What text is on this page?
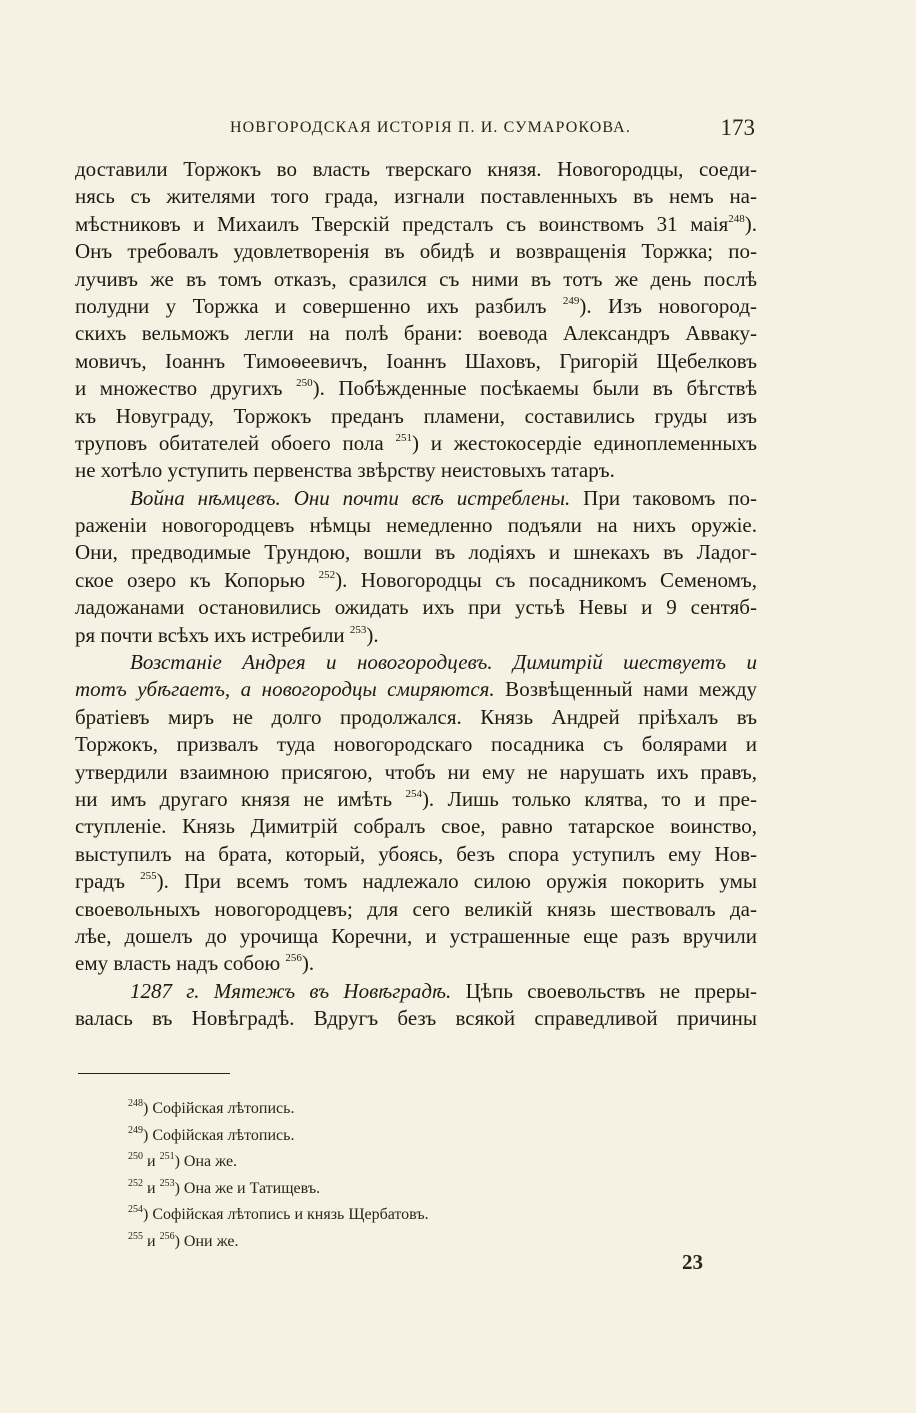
НОВГОРОДСКАЯ ИСТОРІЯ П. И. СУМАРОКОВА.	173
доставили Торжокъ во власть тверскаго князя. Новогородцы, соеди-
нясь съ жителями того града, изгнали поставленныхъ въ немъ на-
мѣстниковъ и Михаилъ Тверскій предсталъ съ воинствомъ 31 маія$^{248}$).
Онъ требовалъ удовлетворенія въ обидѣ и возвращенія Торжка; по-
лучивъ же въ томъ отказъ, сразился съ ними въ тотъ же день послѣ
полудни у Торжка и совершенно ихъ разбилъ $^{249}$). Изъ новогород-
скихъ вельможъ легли на полѣ брани: воевода Александръ Аввaку-
мовичъ, Іоаннъ Тимоѳеевичъ, Іоаннъ Шаховъ, Григорій Щебелковъ
и множество другихъ $^{250}$). Побѣжденные посѣкаемы были въ бѣгствѣ
къ Новуграду, Торжокъ преданъ пламени, составились груды изъ
труповъ обитателей обоего пола $^{251}$) и жестокосердіе единоплеменныхъ
не хотѣло уступить первенства звѣрству неистовыхъ татаръ.
Война нѣмцевъ. Они почти всѣ истреблены. При таковомъ по-
раженіи новогородцевъ нѣмцы немедленно подъяли на нихъ оружіе.
Они, предводимые Трундою, вошли въ лодіяхъ и шнекахъ въ Ладог-
ское озеро къ Копорью $^{252}$). Новогородцы съ посадникомъ Семеномъ,
ладожанами остановились ожидать ихъ при устьѣ Невы и 9 сентяб-
ря почти всѣхъ ихъ истребили $^{253}$).
Возстаніе Андрея и новогородцевъ. Димитрій шествуетъ и
тотъ убѣгаетъ, а новогородцы смиряются. Возвѣщенный нами между
братіевъ миръ не долго продолжался. Князь Андрей пріѣхалъ въ
Торжокъ, призвалъ туда новогородскаго посадника съ болярами и
утвердили взаимною присягою, чтобъ ни ему не нарушать ихъ правъ,
ни имъ другаго князя не имѣть $^{254}$). Лишь только клятва, то и пре-
ступленіе. Князь Димитрій собралъ свое, равно татарское воинство,
выступилъ на брата, который, убоясь, безъ спора уступилъ ему Нов-
градъ $^{255}$). При всемъ томъ надлежало силою оружія покорить умы
своевольныхъ новогородцевъ; для сего великій князь шествовалъ да-
лѣе, дошелъ до урочища Коречни, и устрашенные еще разъ вручили
ему власть надъ собою $^{256}$).
1287 г. Мятежъ въ Новѣградѣ. Цѣпь своевольствъ не преры-
валась въ Новѣградѣ. Вдругъ безъ всякой справедливой причины
$^{248}$) Софійская лѣтопись.
$^{249}$) Софійская лѣтопись.
$^{250}$ и $^{251}$) Она же.
$^{252}$ и $^{253}$) Она же и Татищевъ.
$^{254}$) Софійская лѣтопись и князь Щербатовъ.
$^{255}$ и $^{256}$) Они же.
23
